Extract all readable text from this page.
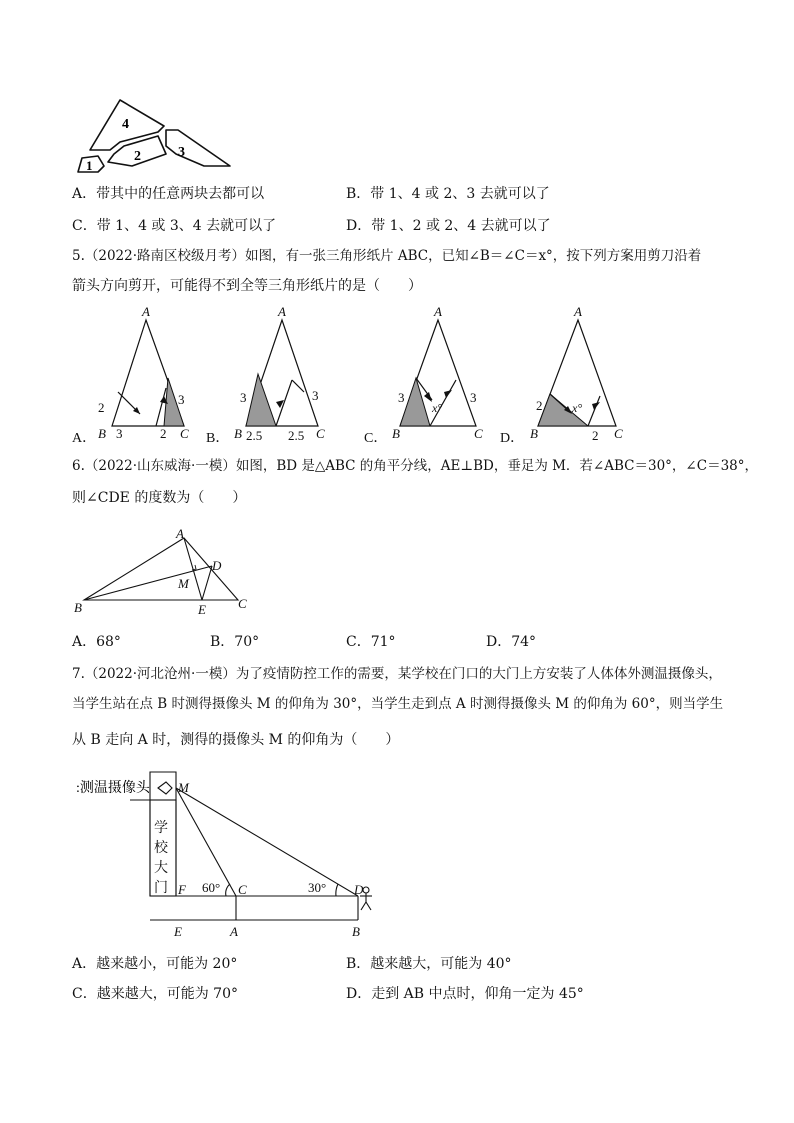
4
2	3
1
A．带其中的任意两块去都可以	B．带 1、4 或 2、3 去就可以了
C．带 1、4 或 3、4 去就可以了	D．带 1、2 或 2、4 去就可以了
5.（2022·路南区校级月考）如图，有一张三角形纸片 ABC，已知∠B＝∠C＝x°，按下列方案用剪刀沿着
箭头方向剪开，可能得不到全等三角形纸片的是（　　）
A
B	C
2
3	2
3
A．
A
B	C
3
2.5 2.5
3
B．
A
B	C
3	3
x°
C．
A
B	C
2
2
x°
D．
6.（2022·山东威海·一模）如图，BD 是△ABC 的角平分线，AE⊥BD，垂足为 M．若∠ABC＝30°，∠C＝38°，
则∠CDE 的度数为（　　）
A
B	C
D
E
M
A．68°	B．70°	C．71°	D．74°
7.（2022·河北沧州·一模）为了疫情防控工作的需要，某学校在门口的大门上方安装了人体体外测温摄像头，
当学生站在点 B 时测得摄像头 M 的仰角为 30°，当学生走到点 A 时测得摄像头 M 的仰角为 60°，则当学生
从 B 走向 A 时，测得的摄像头 M 的仰角为（　　）
:测温摄像头
学
校
大
门
M
F	C	D
E	A	B
60°	30°
A．越来越小，可能为 20°	B．越来越大，可能为 40°
C．越来越大，可能为 70°	D．走到 AB 中点时，仰角一定为 45°
